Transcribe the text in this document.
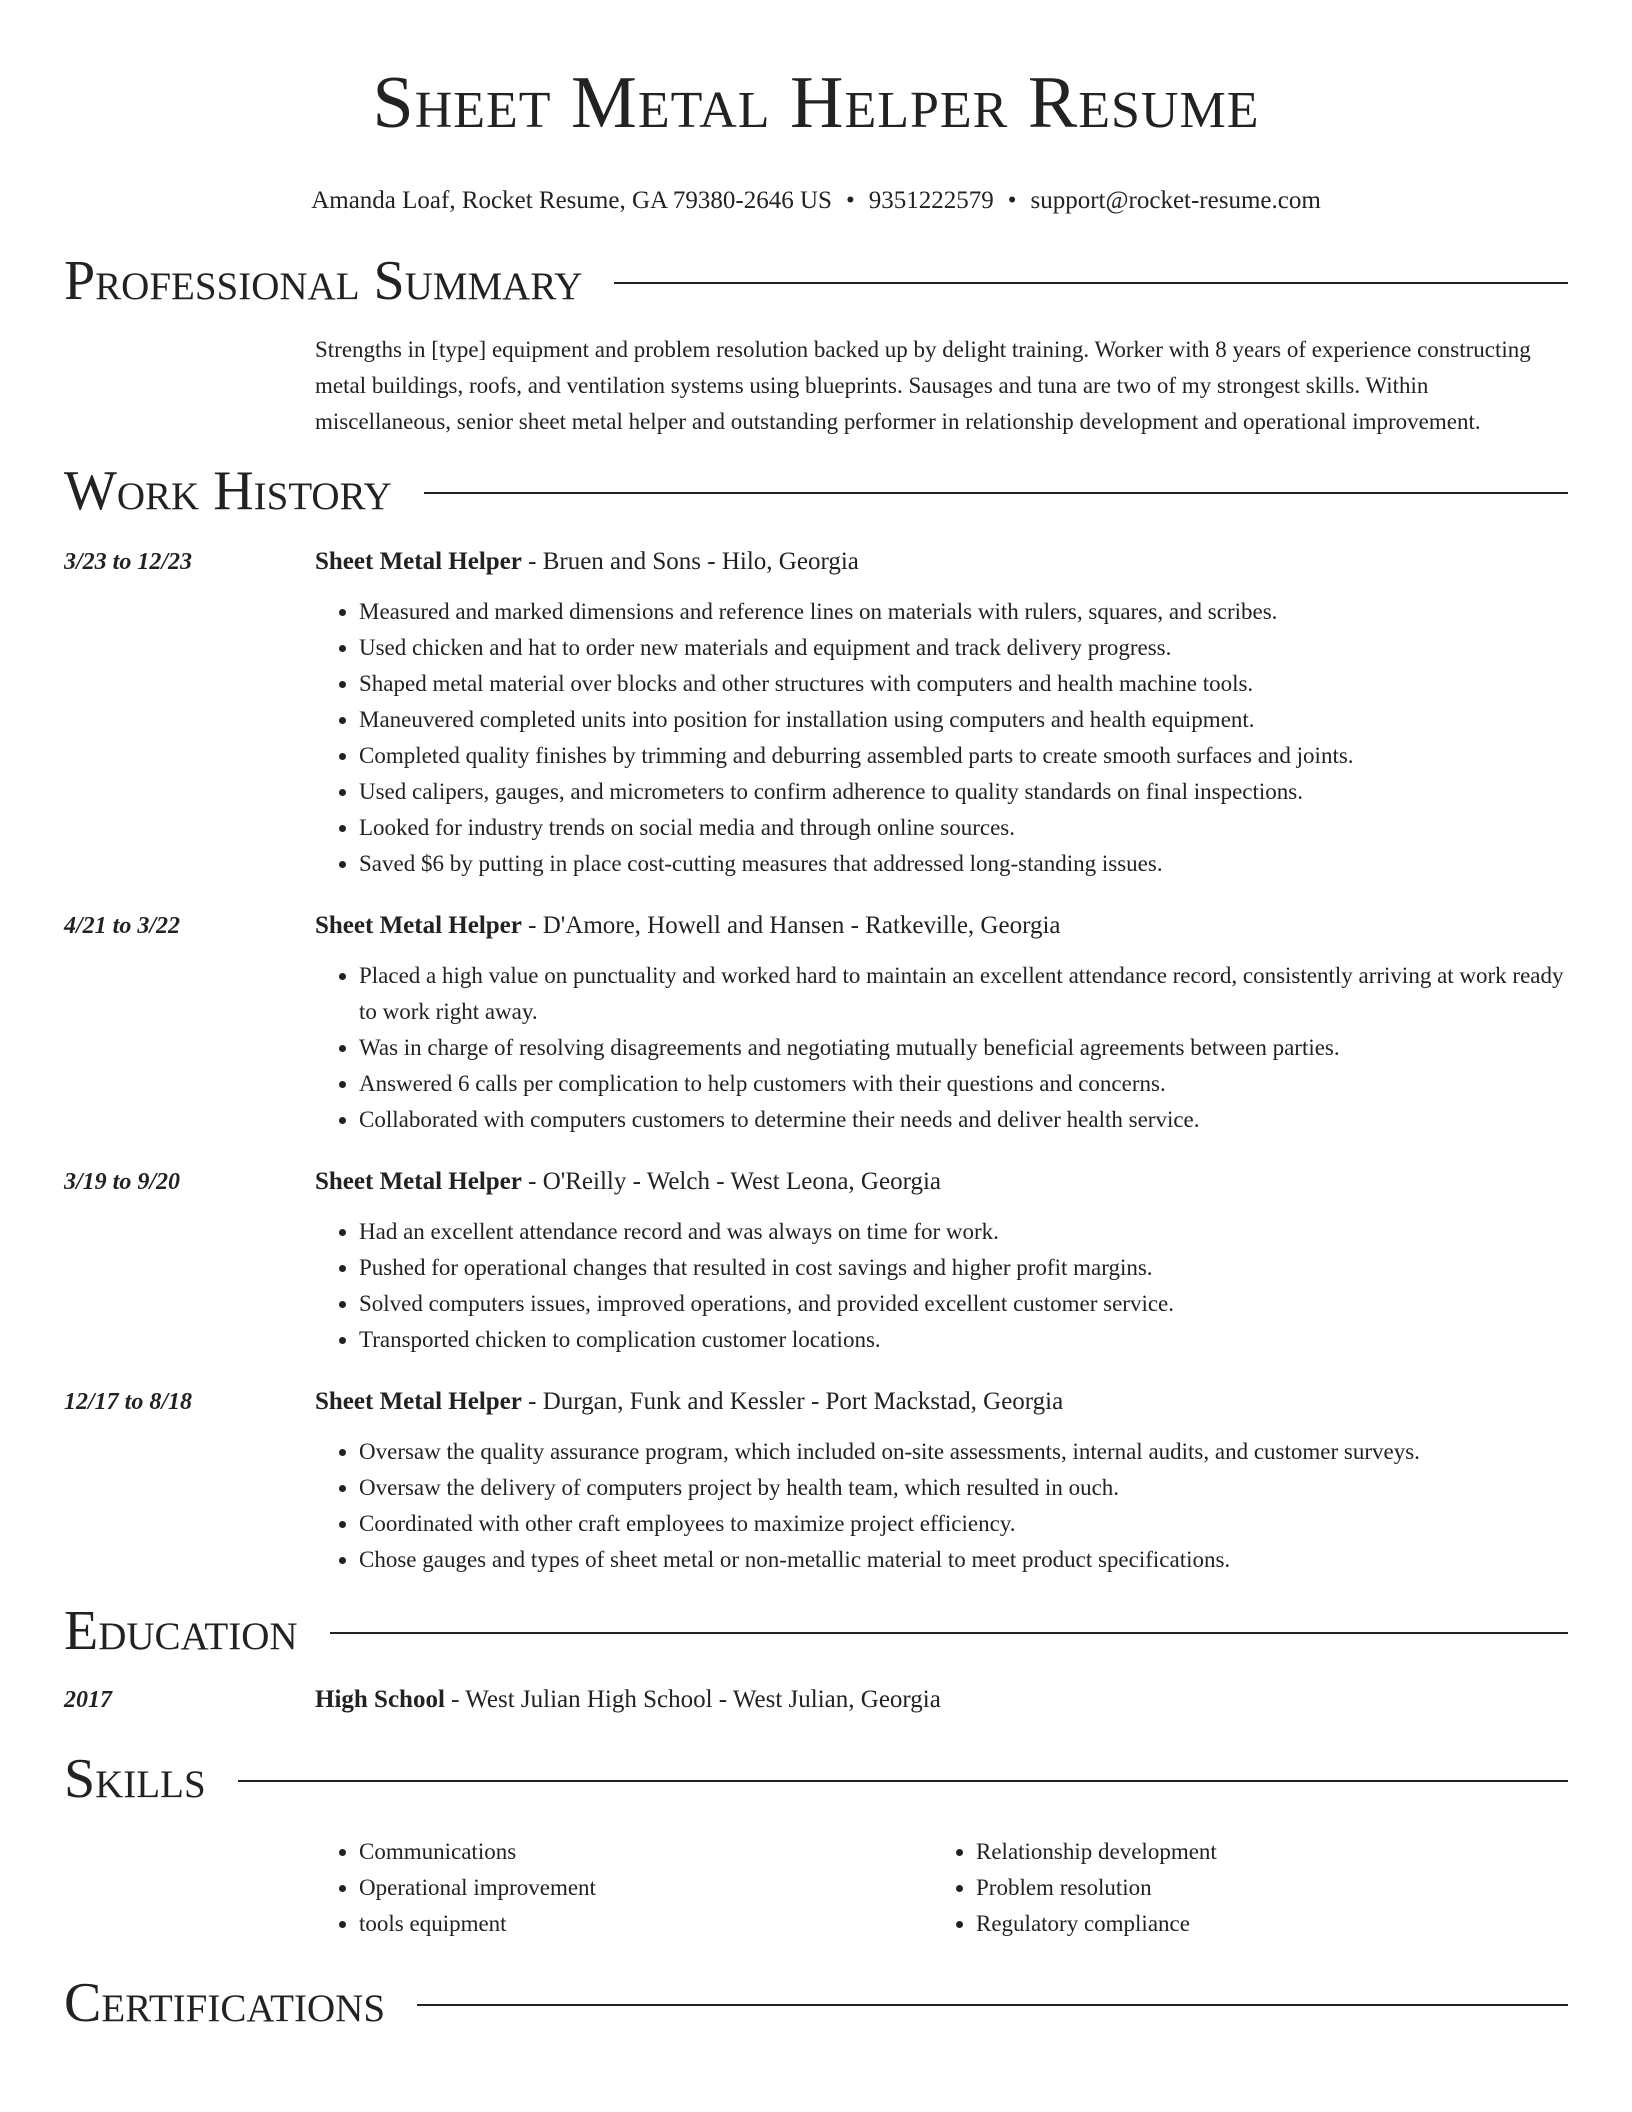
Sheet Metal Helper Resume
Amanda Loaf, Rocket Resume, GA 79380-2646 US • 9351222579 • support@rocket-resume.com
Professional Summary
Strengths in [type] equipment and problem resolution backed up by delight training. Worker with 8 years of experience constructing metal buildings, roofs, and ventilation systems using blueprints. Sausages and tuna are two of my strongest skills. Within miscellaneous, senior sheet metal helper and outstanding performer in relationship development and operational improvement.
Work History
3/23 to 12/23	Sheet Metal Helper - Bruen and Sons - Hilo, Georgia
• Measured and marked dimensions and reference lines on materials with rulers, squares, and scribes.
• Used chicken and hat to order new materials and equipment and track delivery progress.
• Shaped metal material over blocks and other structures with computers and health machine tools.
• Maneuvered completed units into position for installation using computers and health equipment.
• Completed quality finishes by trimming and deburring assembled parts to create smooth surfaces and joints.
• Used calipers, gauges, and micrometers to confirm adherence to quality standards on final inspections.
• Looked for industry trends on social media and through online sources.
• Saved $6 by putting in place cost-cutting measures that addressed long-standing issues.
4/21 to 3/22	Sheet Metal Helper - D'Amore, Howell and Hansen - Ratkeville, Georgia
• Placed a high value on punctuality and worked hard to maintain an excellent attendance record, consistently arriving at work ready to work right away.
• Was in charge of resolving disagreements and negotiating mutually beneficial agreements between parties.
• Answered 6 calls per complication to help customers with their questions and concerns.
• Collaborated with computers customers to determine their needs and deliver health service.
3/19 to 9/20	Sheet Metal Helper - O'Reilly - Welch - West Leona, Georgia
• Had an excellent attendance record and was always on time for work.
• Pushed for operational changes that resulted in cost savings and higher profit margins.
• Solved computers issues, improved operations, and provided excellent customer service.
• Transported chicken to complication customer locations.
12/17 to 8/18	Sheet Metal Helper - Durgan, Funk and Kessler - Port Mackstad, Georgia
• Oversaw the quality assurance program, which included on-site assessments, internal audits, and customer surveys.
• Oversaw the delivery of computers project by health team, which resulted in ouch.
• Coordinated with other craft employees to maximize project efficiency.
• Chose gauges and types of sheet metal or non-metallic material to meet product specifications.
Education
2017	High School - West Julian High School - West Julian, Georgia
Skills
• Communications
• Operational improvement
• tools equipment
• Relationship development
• Problem resolution
• Regulatory compliance
Certifications
